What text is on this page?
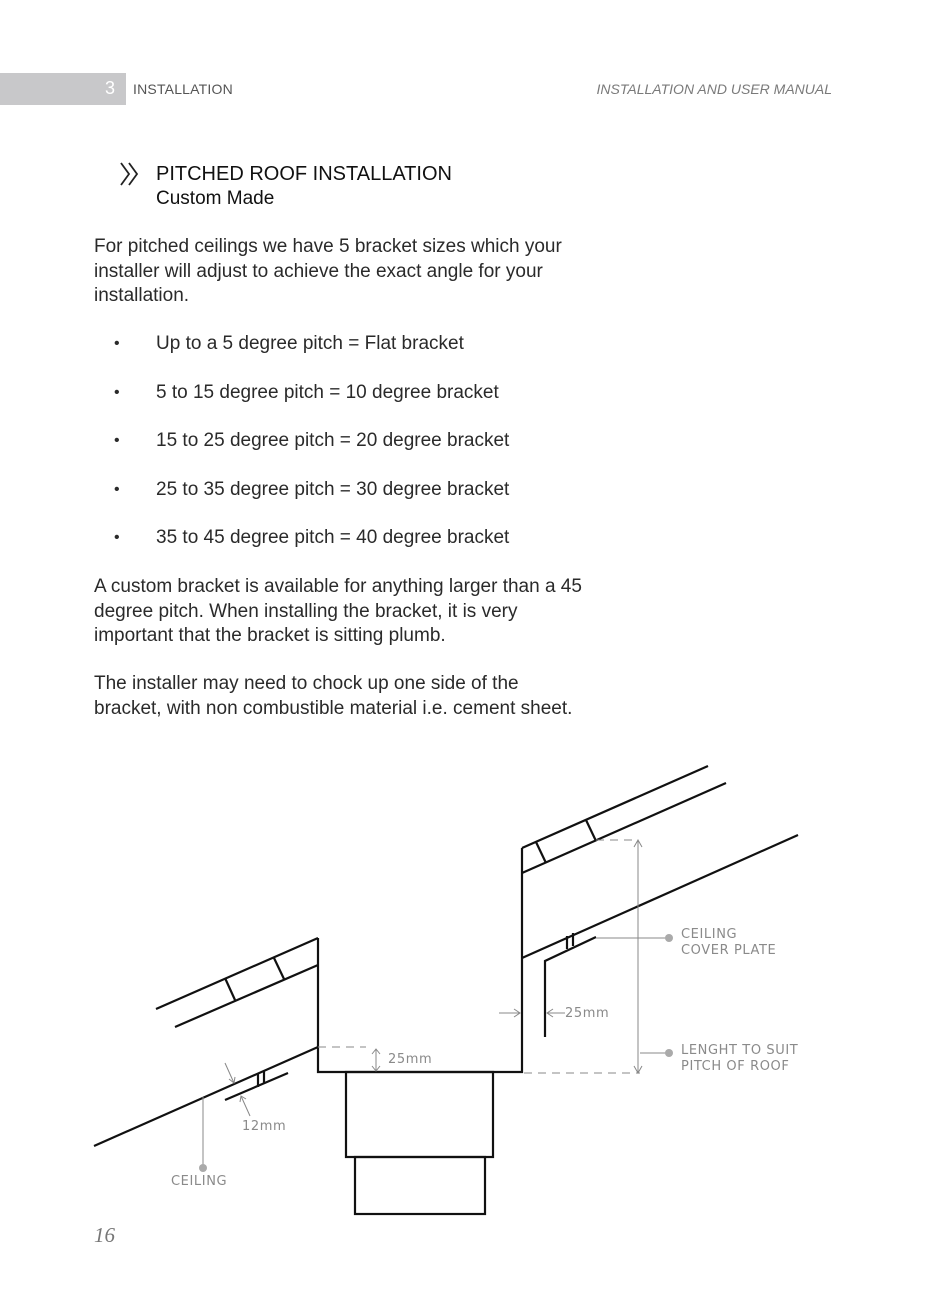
3	INSTALLATION	INSTALLATION AND USER MANUAL
PITCHED ROOF INSTALLATION
Custom Made

For pitched ceilings we have 5 bracket sizes which your installer will adjust to achieve the exact angle for your installation.

• Up to a 5 degree pitch = Flat bracket
• 5 to 15 degree pitch = 10 degree bracket
• 15 to 25 degree pitch = 20 degree bracket
• 25 to 35 degree pitch = 30 degree bracket
• 35 to 45 degree pitch = 40 degree bracket

A custom bracket is available for anything larger than a 45 degree pitch. When installing the bracket, it is very important that the bracket is sitting plumb.

The installer may need to chock up one side of the bracket, with non combustible material i.e. cement sheet.

CEILING
COVER PLATE
LENGHT TO SUIT
PITCH OF ROOF
25mm
25mm
12mm
CEILING
16
